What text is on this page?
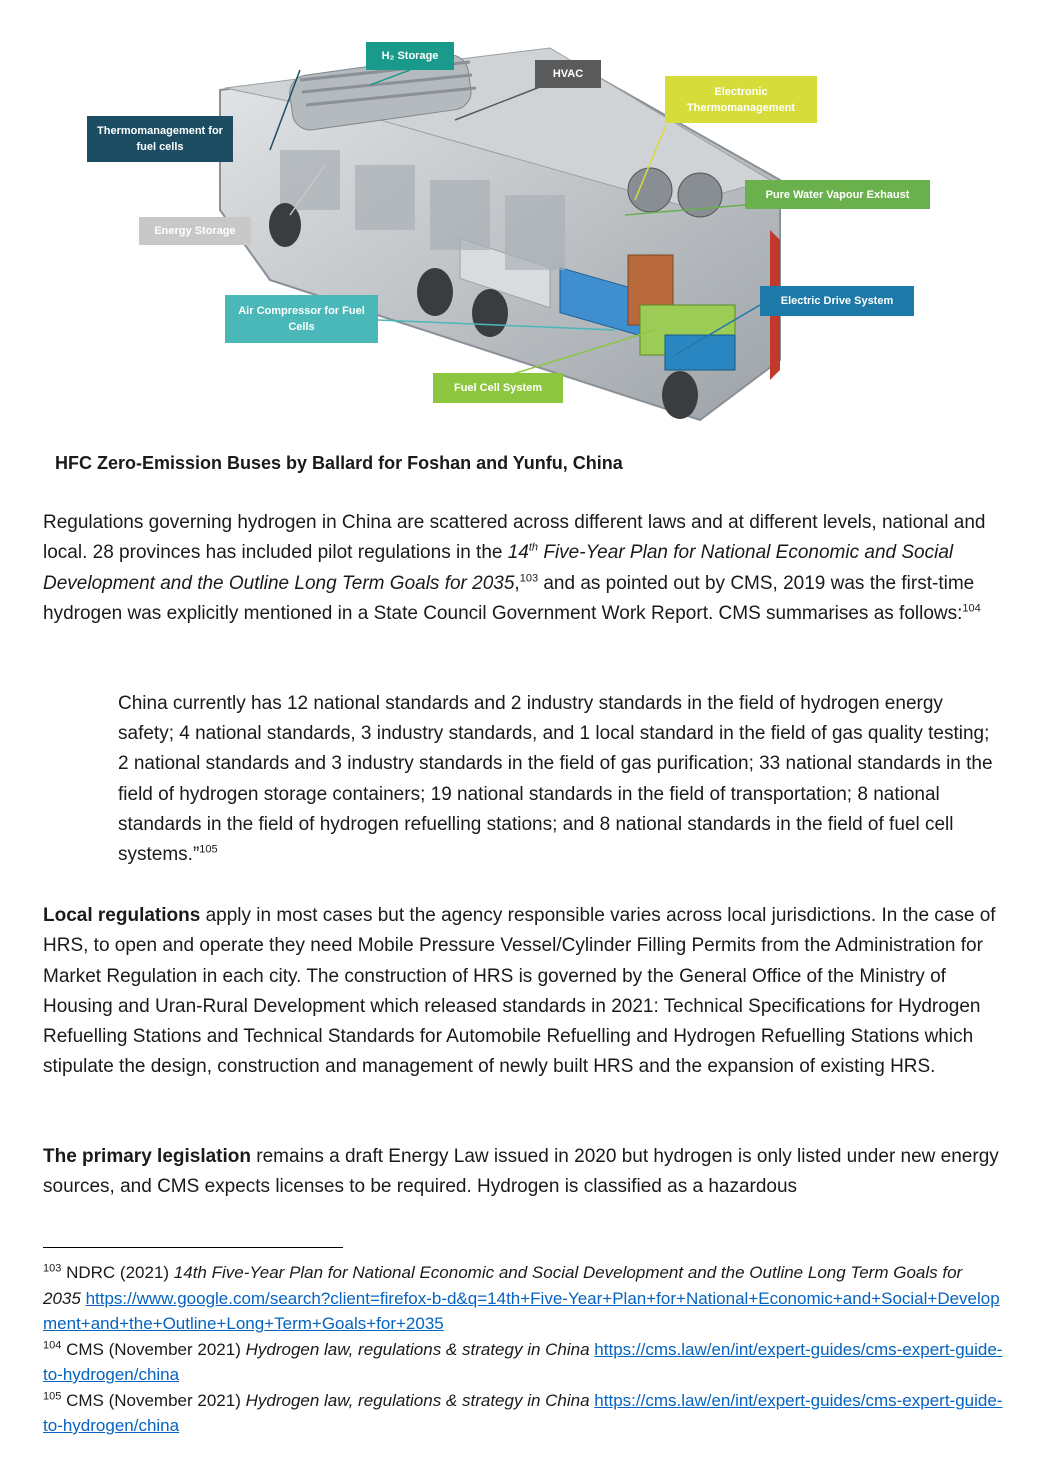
H₂ Storage
HVAC
Electronic Thermomanagement
Thermomanagement for fuel cells
Energy Storage
Pure Water Vapour Exhaust
Air Compressor for Fuel Cells
Electric Drive System
Fuel Cell System
HFC Zero-Emission Buses by Ballard for Foshan and Yunfu, China

Regulations governing hydrogen in China are scattered across different laws and at different levels, national and local. 28 provinces has included pilot regulations in the 14th Five-Year Plan for National Economic and Social Development and the Outline Long Term Goals for 2035,$^{103}$ and as pointed out by CMS, 2019 was the first-time hydrogen was explicitly mentioned in a State Council Government Work Report. CMS summarises as follows:$^{104}$

China currently has 12 national standards and 2 industry standards in the field of hydrogen energy safety; 4 national standards, 3 industry standards, and 1 local standard in the field of gas quality testing; 2 national standards and 3 industry standards in the field of gas purification; 33 national standards in the field of hydrogen storage containers; 19 national standards in the field of transportation; 8 national standards in the field of hydrogen refuelling stations; and 8 national standards in the field of fuel cell systems.”$^{105}$

Local regulations apply in most cases but the agency responsible varies across local jurisdictions. In the case of HRS, to open and operate they need Mobile Pressure Vessel/Cylinder Filling Permits from the Administration for Market Regulation in each city. The construction of HRS is governed by the General Office of the Ministry of Housing and Uran-Rural Development which released standards in 2021: Technical Specifications for Hydrogen Refuelling Stations and Technical Standards for Automobile Refuelling and Hydrogen Refuelling Stations which stipulate the design, construction and management of newly built HRS and the expansion of existing HRS.

The primary legislation remains a draft Energy Law issued in 2020 but hydrogen is only listed under new energy sources, and CMS expects licenses to be required. Hydrogen is classified as a hazardous

$^{103}$ NDRC (2021) 14th Five-Year Plan for National Economic and Social Development and the Outline Long Term Goals for 2035 https://www.google.com/search?client=firefox-b-d&q=14th+Five-Year+Plan+for+National+Economic+and+Social+Development+and+the+Outline+Long+Term+Goals+for+2035

$^{104}$ CMS (November 2021) Hydrogen law, regulations & strategy in China https://cms.law/en/int/expert-guides/cms-expert-guide-to-hydrogen/china

$^{105}$ CMS (November 2021) Hydrogen law, regulations & strategy in China https://cms.law/en/int/expert-guides/cms-expert-guide-to-hydrogen/china
